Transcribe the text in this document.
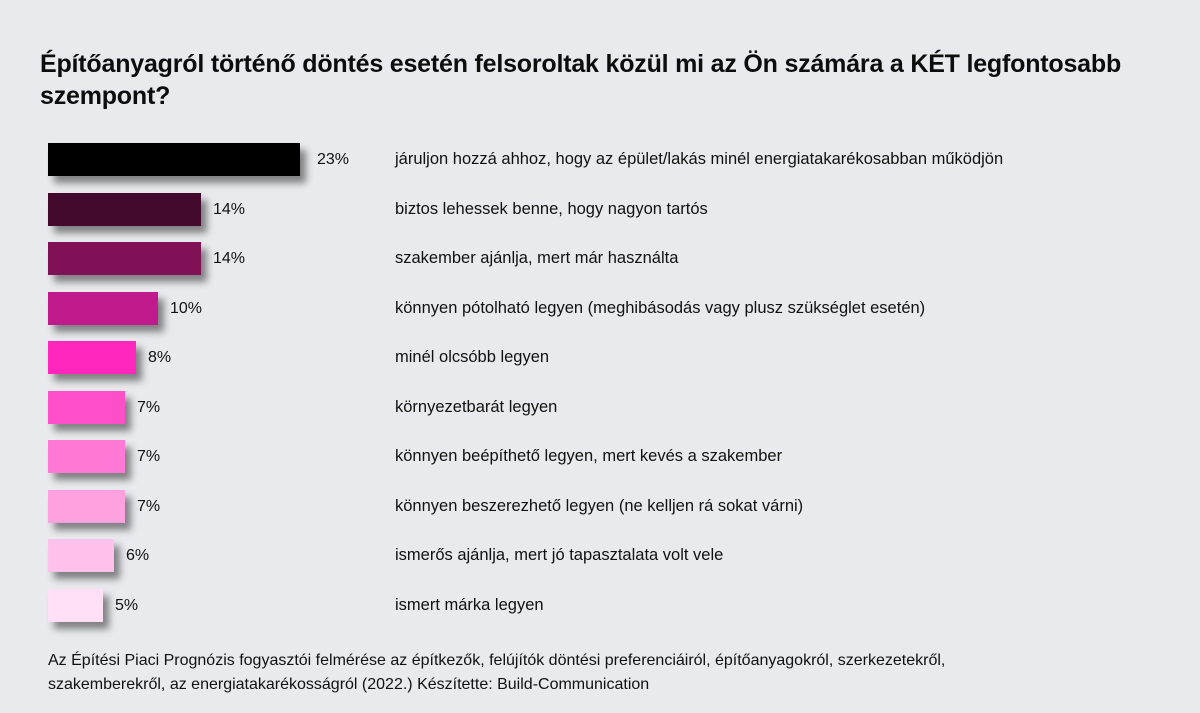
Építőanyagról történő döntés esetén felsoroltak közül mi az Ön számára a KÉT legfontosabb szempont?
23%	járuljon hozzá ahhoz, hogy az épület/lakás minél energiatakarékosabban működjön
14%	biztos lehessek benne, hogy nagyon tartós
14%	szakember ajánlja, mert már használta
10%	könnyen pótolható legyen (meghibásodás vagy plusz szükséglet esetén)
8%	minél olcsóbb legyen
7%	környezetbarát legyen
7%	könnyen beépíthető legyen, mert kevés a szakember
7%	könnyen beszerezhető legyen (ne kelljen rá sokat várni)
6%	ismerős ajánlja, mert jó tapasztalata volt vele
5%	ismert márka legyen
Az Építési Piaci Prognózis fogyasztói felmérése az építkezők, felújítók döntési preferenciáiról, építőanyagokról, szerkezetekről,
szakemberekről, az energiatakarékosságról (2022.) Készítette: Build-Communication
